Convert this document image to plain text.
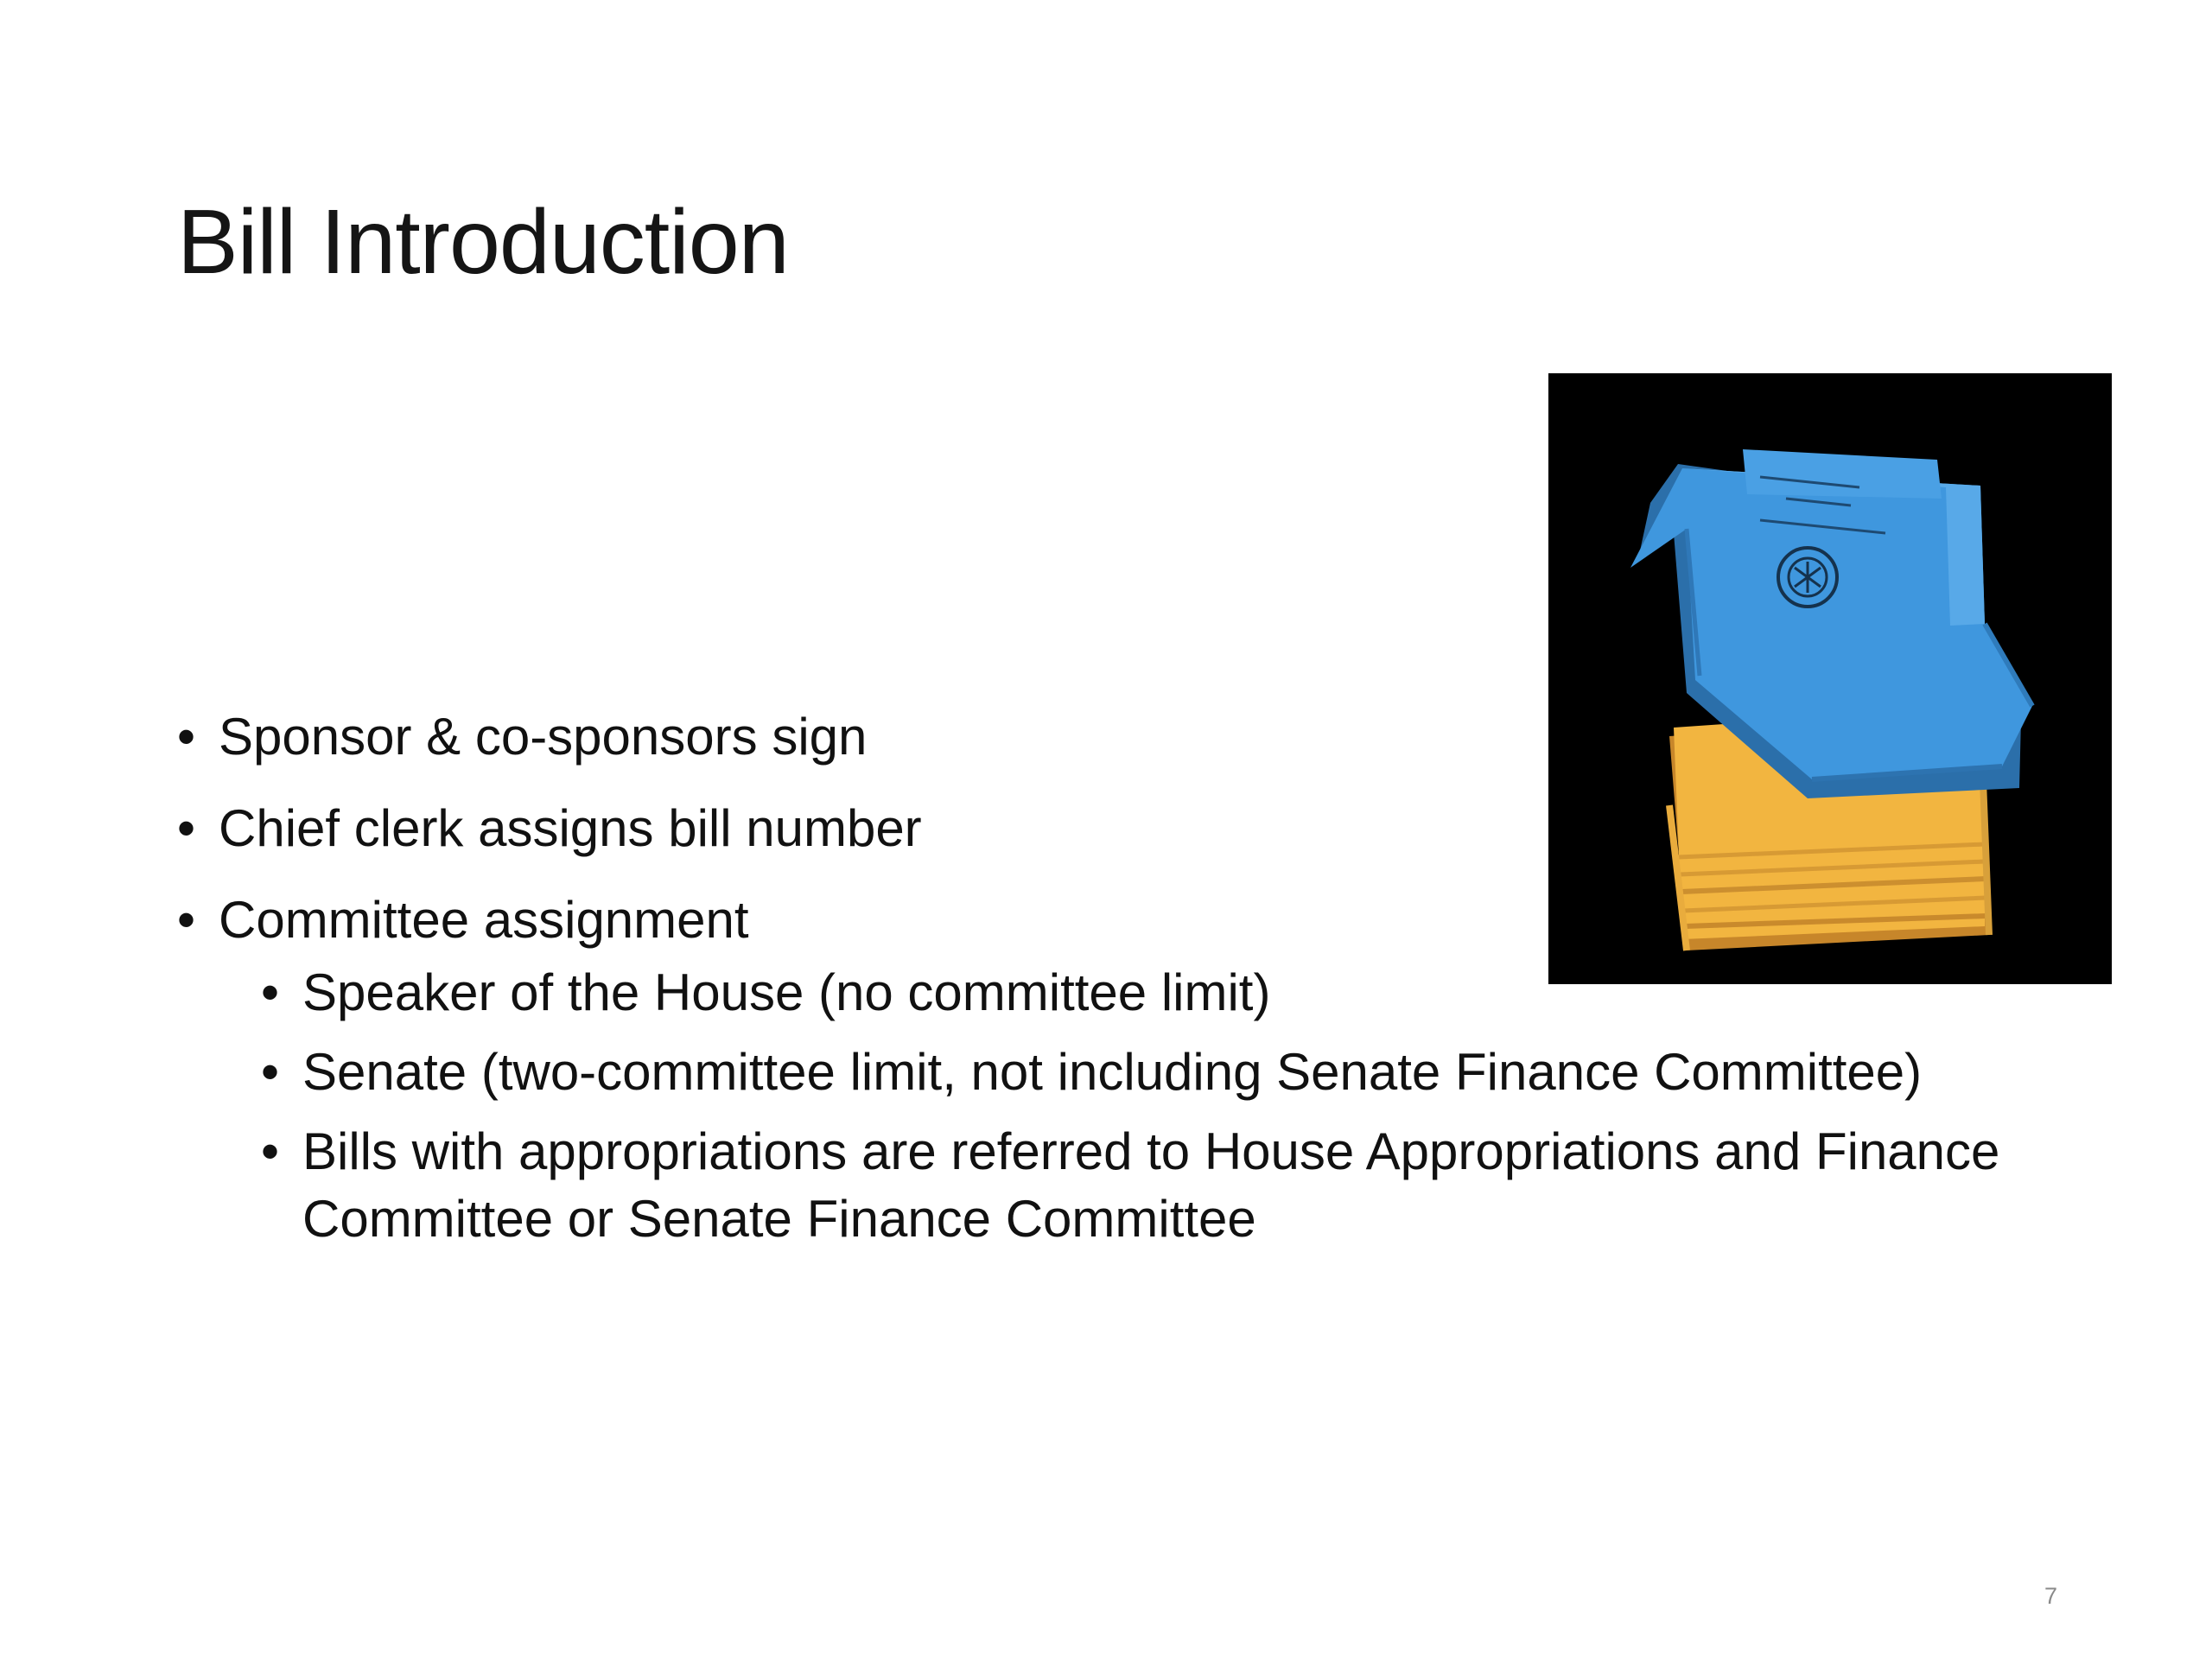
Bill Introduction
• Sponsor & co-sponsors sign
• Chief clerk assigns bill number
• Committee assignment
• Speaker of the House (no committee limit)
• Senate (two-committee limit, not including Senate Finance Committee)
• Bills with appropriations are referred to House Appropriations and Finance Committee or Senate Finance Committee
7
